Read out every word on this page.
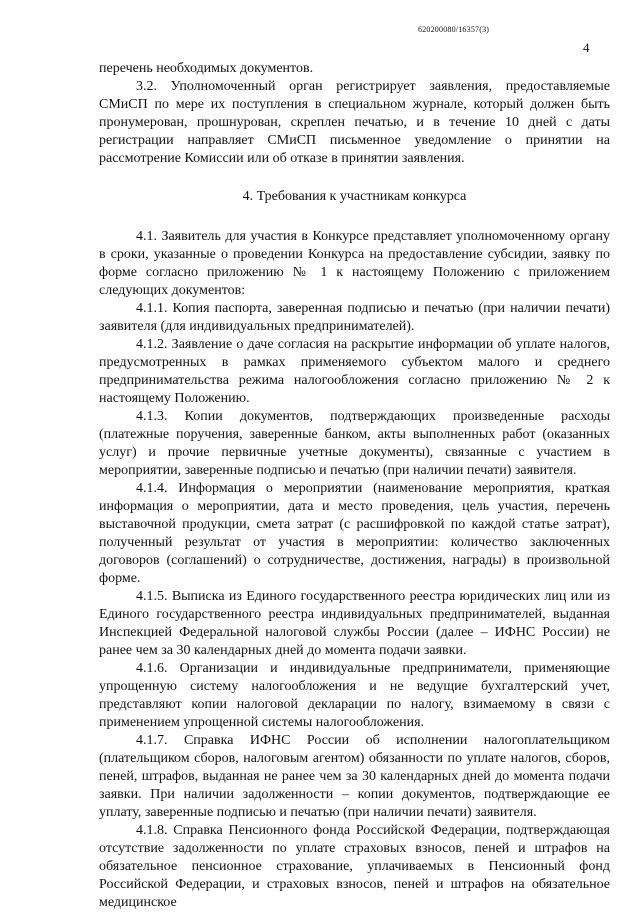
620200080/16357(3)
4

перечень необходимых документов.

3.2. Уполномоченный орган регистрирует заявления, предоставляемые СМиСП по мере их поступления в специальном журнале, который должен быть пронумерован, прошнурован, скреплен печатью, и в течение 10 дней с даты регистрации направляет СМиСП письменное уведомление о принятии на рассмотрение Комиссии или об отказе в принятии заявления.

4. Требования к участникам конкурса

4.1. Заявитель для участия в Конкурсе представляет уполномоченному органу в сроки, указанные о проведении Конкурса на предоставление субсидии, заявку по форме согласно приложению № 1 к настоящему Положению с приложением следующих документов:

4.1.1. Копия паспорта, заверенная подписью и печатью (при наличии печати) заявителя (для индивидуальных предпринимателей).

4.1.2. Заявление о даче согласия на раскрытие информации об уплате налогов, предусмотренных в рамках применяемого субъектом малого и среднего предпринимательства режима налогообложения согласно приложению № 2 к настоящему Положению.

4.1.3. Копии документов, подтверждающих произведенные расходы (платежные поручения, заверенные банком, акты выполненных работ (оказанных услуг) и прочие первичные учетные документы), связанные с участием в мероприятии, заверенные подписью и печатью (при наличии печати) заявителя.

4.1.4. Информация о мероприятии (наименование мероприятия, краткая информация о мероприятии, дата и место проведения, цель участия, перечень выставочной продукции, смета затрат (с расшифровкой по каждой статье затрат), полученный результат от участия в мероприятии: количество заключенных договоров (соглашений) о сотрудничестве, достижения, награды) в произвольной форме.

4.1.5. Выписка из Единого государственного реестра юридических лиц или из Единого государственного реестра индивидуальных предпринимателей, выданная Инспекцией Федеральной налоговой службы России (далее – ИФНС России) не ранее чем за 30 календарных дней до момента подачи заявки.

4.1.6. Организации и индивидуальные предприниматели, применяющие упрощенную систему налогообложения и не ведущие бухгалтерский учет, представляют копии налоговой декларации по налогу, взимаемому в связи с применением упрощенной системы налогообложения.

4.1.7. Справка ИФНС России об исполнении налогоплательщиком (плательщиком сборов, налоговым агентом) обязанности по уплате налогов, сборов, пеней, штрафов, выданная не ранее чем за 30 календарных дней до момента подачи заявки. При наличии задолженности – копии документов, подтверждающие ее уплату, заверенные подписью и печатью (при наличии печати) заявителя.

4.1.8. Справка Пенсионного фонда Российской Федерации, подтверждающая отсутствие задолженности по уплате страховых взносов, пеней и штрафов на обязательное пенсионное страхование, уплачиваемых в Пенсионный фонд Российской Федерации, и страховых взносов, пеней и штрафов на обязательное медицинское
